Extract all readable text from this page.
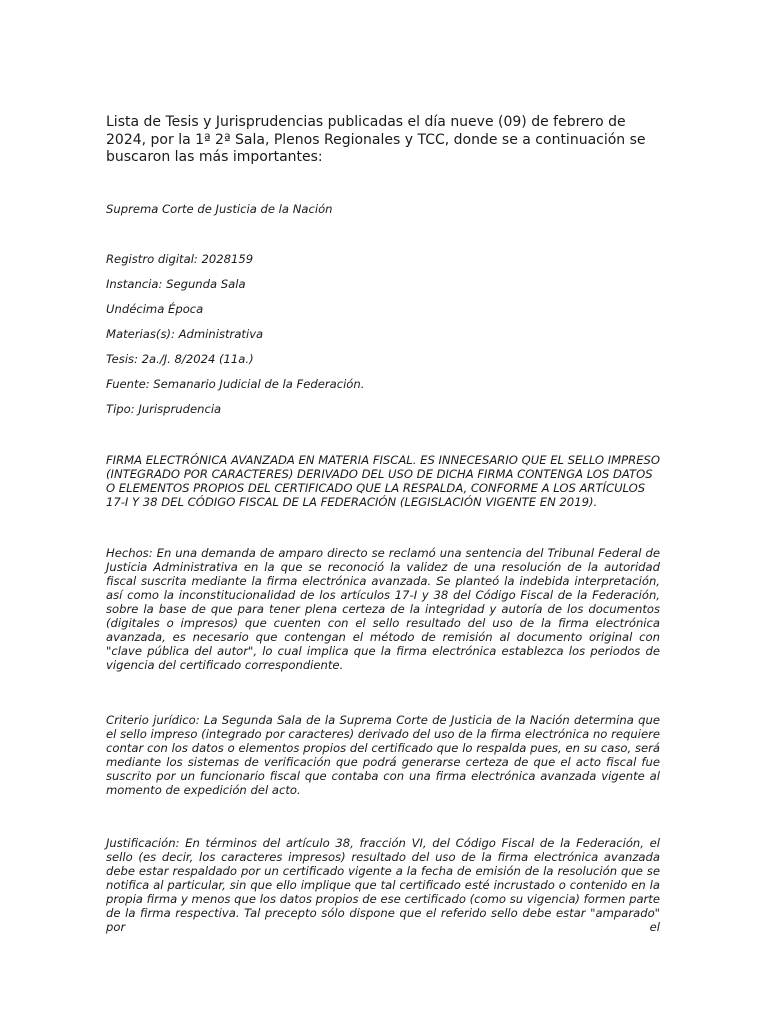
Lista de Tesis y Jurisprudencias publicadas el día nueve (09) de febrero de 2024, por la 1ª 2ª Sala, Plenos Regionales y TCC, donde se a continuación se buscaron las más importantes:

Suprema Corte de Justicia de la Nación

Registro digital: 2028159

Instancia: Segunda Sala

Undécima Época

Materias(s): Administrativa

Tesis: 2a./J. 8/2024 (11a.)

Fuente: Semanario Judicial de la Federación.

Tipo: Jurisprudencia

FIRMA ELECTRÓNICA AVANZADA EN MATERIA FISCAL. ES INNECESARIO QUE EL SELLO IMPRESO (INTEGRADO POR CARACTERES) DERIVADO DEL USO DE DICHA FIRMA CONTENGA LOS DATOS O ELEMENTOS PROPIOS DEL CERTIFICADO QUE LA RESPALDA, CONFORME A LOS ARTÍCULOS 17-I Y 38 DEL CÓDIGO FISCAL DE LA FEDERACIÓN (LEGISLACIÓN VIGENTE EN 2019).

Hechos: En una demanda de amparo directo se reclamó una sentencia del Tribunal Federal de Justicia Administrativa en la que se reconoció la validez de una resolución de la autoridad fiscal suscrita mediante la firma electrónica avanzada. Se planteó la indebida interpretación, así como la inconstitucionalidad de los artículos 17-I y 38 del Código Fiscal de la Federación, sobre la base de que para tener plena certeza de la integridad y autoría de los documentos (digitales o impresos) que cuenten con el sello resultado del uso de la firma electrónica avanzada, es necesario que contengan el método de remisión al documento original con "clave pública del autor", lo cual implica que la firma electrónica establezca los periodos de vigencia del certificado correspondiente.

Criterio jurídico: La Segunda Sala de la Suprema Corte de Justicia de la Nación determina que el sello impreso (integrado por caracteres) derivado del uso de la firma electrónica no requiere contar con los datos o elementos propios del certificado que lo respalda pues, en su caso, será mediante los sistemas de verificación que podrá generarse certeza de que el acto fiscal fue suscrito por un funcionario fiscal que contaba con una firma electrónica avanzada vigente al momento de expedición del acto.

Justificación: En términos del artículo 38, fracción VI, del Código Fiscal de la Federación, el sello (es decir, los caracteres impresos) resultado del uso de la firma electrónica avanzada debe estar respaldado por un certificado vigente a la fecha de emisión de la resolución que se notifica al particular, sin que ello implique que tal certificado esté incrustado o contenido en la propia firma y menos que los datos propios de ese certificado (como su vigencia) formen parte de la firma respectiva. Tal precepto sólo dispone que el referido sello debe estar "amparado" por el
